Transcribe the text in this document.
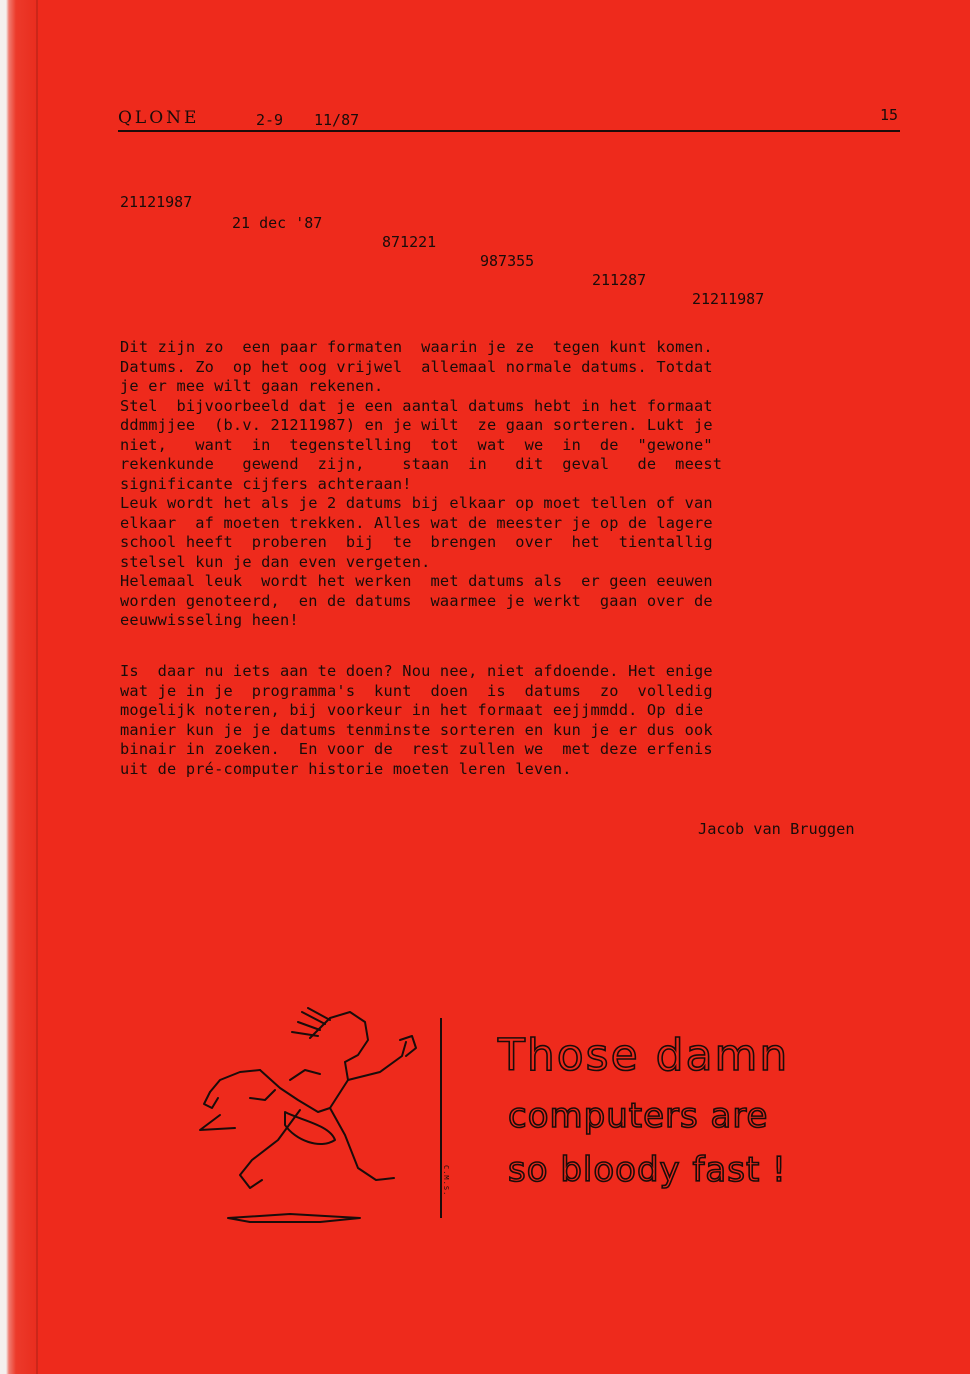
QLONE	2-9 11/87	15
21121987
21 dec '87
871221
987355
211287
21211987

Dit zijn zo  een paar formaten  waarin je ze  tegen kunt komen.
Datums. Zo  op het oog vrijwel  allemaal normale datums. Totdat
je er mee wilt gaan rekenen.
Stel  bijvoorbeeld dat je een aantal datums hebt in het formaat
ddmmjjee  (b.v. 21211987) en je wilt  ze gaan sorteren. Lukt je
niet,   want  in  tegenstelling  tot  wat  we  in  de  "gewone"
rekenkunde   gewend  zijn,    staan  in   dit  geval   de  meest
significante cijfers achteraan!
Leuk wordt het als je 2 datums bij elkaar op moet tellen of van
elkaar  af moeten trekken. Alles wat de meester je op de lagere
school heeft  proberen  bij  te  brengen  over  het  tientallig
stelsel kun je dan even vergeten.
Helemaal leuk  wordt het werken  met datums als  er geen eeuwen
worden genoteerd,  en de datums  waarmee je werkt  gaan over de
eeuwwisseling heen!

Is  daar nu iets aan te doen? Nou nee, niet afdoende. Het enige
wat je in je  programma's  kunt  doen  is  datums  zo  volledig
mogelijk noteren, bij voorkeur in het formaat eejjmmdd. Op die
manier kun je je datums tenminste sorteren en kun je er dus ook
binair in zoeken.  En voor de  rest zullen we  met deze erfenis
uit de pré-computer historie moeten leren leven.

Jacob van Bruggen
C.M.S.
Those damn
computers are
so bloody fast !
